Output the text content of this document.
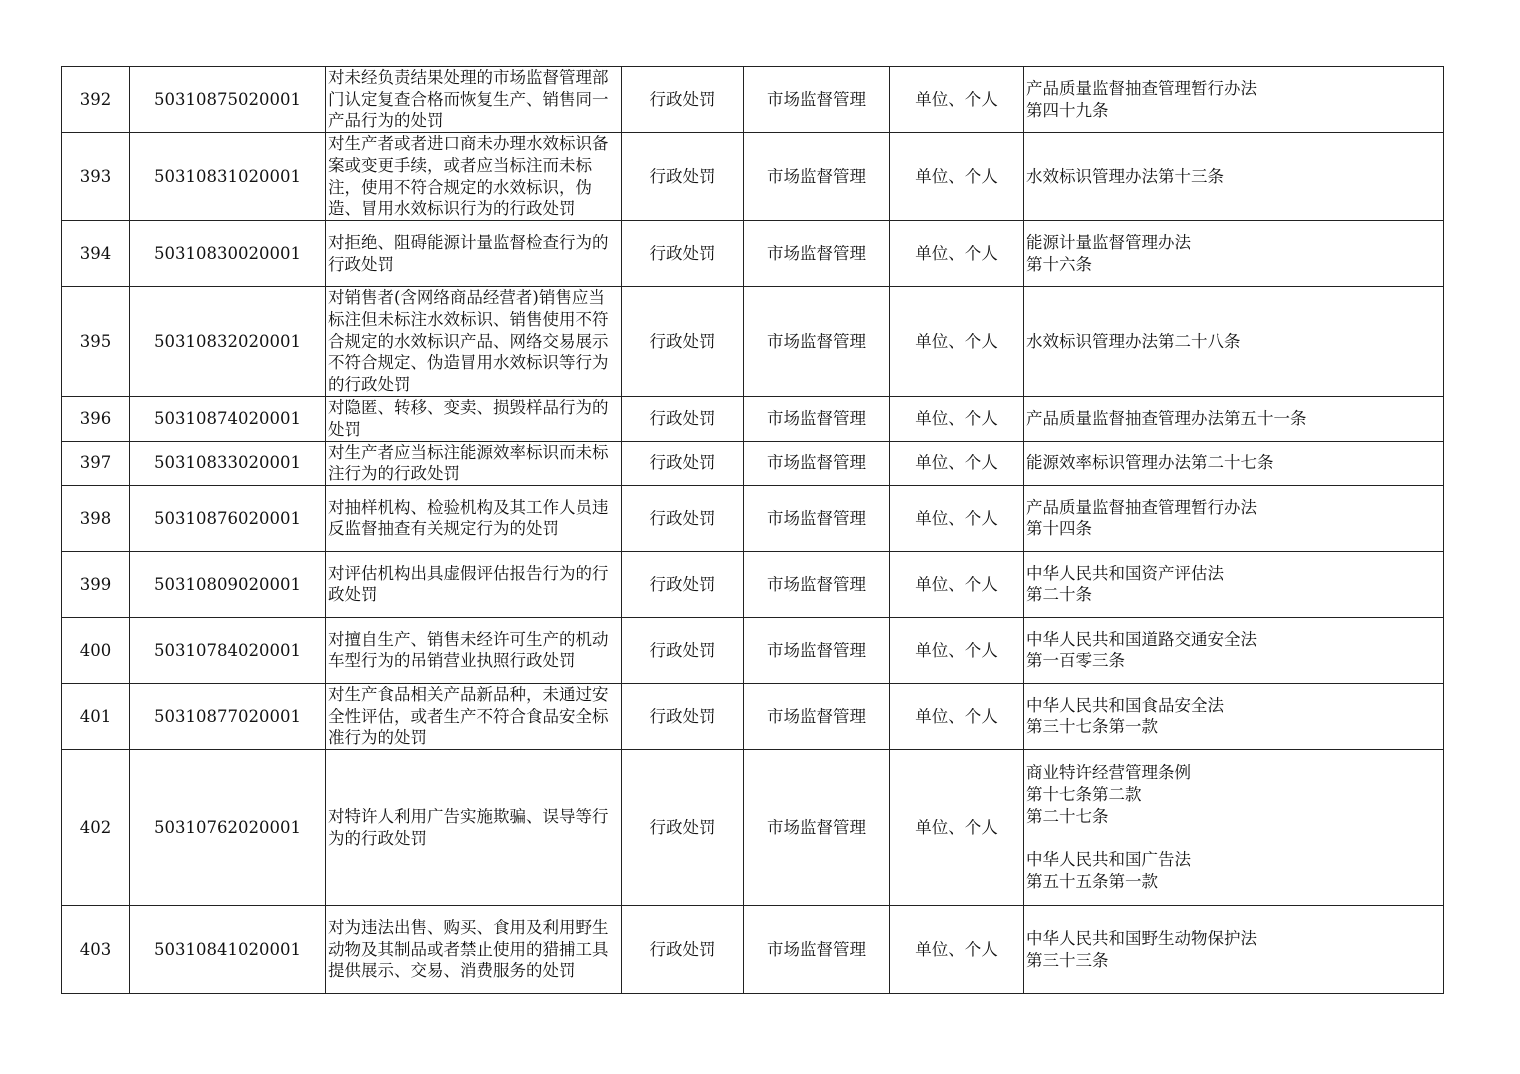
392	50310875020001	对未经负责结果处理的市场监督管理部门认定复查合格而恢复生产、销售同一产品行为的处罚	行政处罚	市场监督管理	单位、个人	产品质量监督抽查管理暂行办法
第四十九条

393	50310831020001	对生产者或者进口商未办理水效标识备案或变更手续，或者应当标注而未标注，使用不符合规定的水效标识，伪造、冒用水效标识行为的行政处罚	行政处罚	市场监督管理	单位、个人	水效标识管理办法第十三条

394	50310830020001	对拒绝、阻碍能源计量监督检查行为的行政处罚	行政处罚	市场监督管理	单位、个人	能源计量监督管理办法
第十六条

395	50310832020001	对销售者(含网络商品经营者)销售应当标注但未标注水效标识、销售使用不符合规定的水效标识产品、网络交易展示不符合规定、伪造冒用水效标识等行为的行政处罚	行政处罚	市场监督管理	单位、个人	水效标识管理办法第二十八条

396	50310874020001	对隐匿、转移、变卖、损毁样品行为的处罚	行政处罚	市场监督管理	单位、个人	产品质量监督抽查管理办法第五十一条

397	50310833020001	对生产者应当标注能源效率标识而未标注行为的行政处罚	行政处罚	市场监督管理	单位、个人	能源效率标识管理办法第二十七条

398	50310876020001	对抽样机构、检验机构及其工作人员违反监督抽查有关规定行为的处罚	行政处罚	市场监督管理	单位、个人	产品质量监督抽查管理暂行办法
第十四条

399	50310809020001	对评估机构出具虚假评估报告行为的行政处罚	行政处罚	市场监督管理	单位、个人	中华人民共和国资产评估法
第二十条

400	50310784020001	对擅自生产、销售未经许可生产的机动车型行为的吊销营业执照行政处罚	行政处罚	市场监督管理	单位、个人	中华人民共和国道路交通安全法
第一百零三条

401	50310877020001	对生产食品相关产品新品种，未通过安全性评估，或者生产不符合食品安全标准行为的处罚	行政处罚	市场监督管理	单位、个人	中华人民共和国食品安全法
第三十七条第一款

402	50310762020001	对特许人利用广告实施欺骗、误导等行为的行政处罚	行政处罚	市场监督管理	单位、个人	商业特许经营管理条例
第十七条第二款
第二十七条
中华人民共和国广告法
第五十五条第一款

403	50310841020001	对为违法出售、购买、食用及利用野生动物及其制品或者禁止使用的猎捕工具提供展示、交易、消费服务的处罚	行政处罚	市场监督管理	单位、个人	中华人民共和国野生动物保护法
第三十三条
